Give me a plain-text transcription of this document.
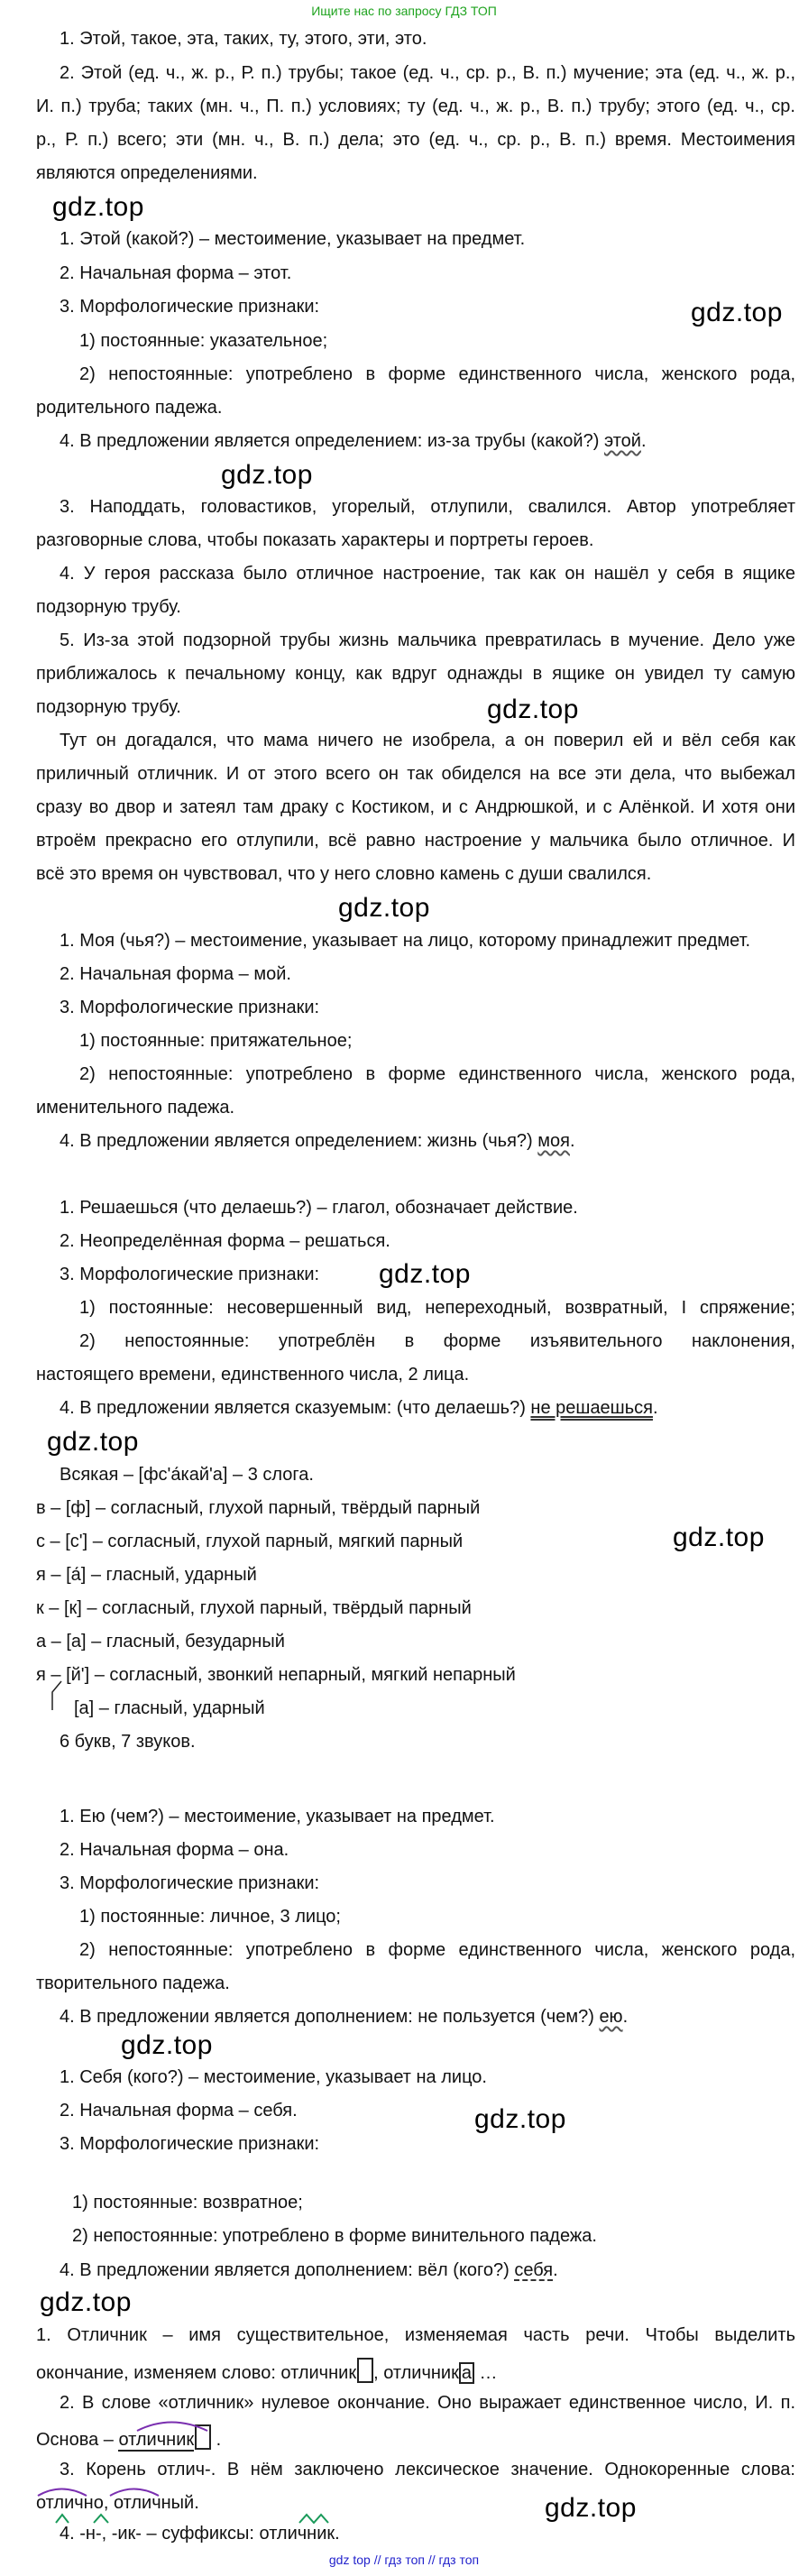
Ищите нас по запросу ГДЗ ТОП
1. Этой, такое, эта, таких, ту, этого, эти, это.
2. Этой (ед. ч., ж. р., Р. п.) трубы; такое (ед. ч., ср. р., В. п.) мучение; эта (ед. ч., ж. р.,
И. п.) труба; таких (мн. ч., П. п.) условиях; ту (ед. ч., ж. р., В. п.) трубу; этого (ед. ч., ср.
р., Р. п.) всего; эти (мн. ч., В. п.) дела; это (ед. ч., ср. р., В. п.) время. Местоимения
являются определениями.
gdz.top
1. Этой (какой?) – местоимение, указывает на предмет.
2. Начальная форма – этот.
3. Морфологические признаки:	gdz.top
1) постоянные: указательное;
2) непостоянные: употреблено в форме единственного числа, женского рода,
родительного падежа.
4. В предложении является определением: из-за трубы (какой?) этой.
gdz.top
3. Наподдать, головастиков, угорелый, отлупили, свалился. Автор употребляет
разговорные слова, чтобы показать характеры и портреты героев.
4. У героя рассказа было отличное настроение, так как он нашёл у себя в ящике
подзорную трубу.
5. Из-за этой подзорной трубы жизнь мальчика превратилась в мучение. Дело уже
приближалось к печальному концу, как вдруг однажды в ящике он увидел ту самую
подзорную трубу.	gdz.top
Тут он догадался, что мама ничего не изобрела, а он поверил ей и вёл себя как
приличный отличник. И от этого всего он так обиделся на все эти дела, что выбежал
сразу во двор и затеял там драку с Костиком, и с Андрюшкой, и с Алёнкой. И хотя они
втроём прекрасно его отлупили, всё равно настроение у мальчика было отличное. И
всё это время он чувствовал, что у него словно камень с души свалился.
gdz.top
1. Моя (чья?) – местоимение, указывает на лицо, которому принадлежит предмет.
2. Начальная форма – мой.
3. Морфологические признаки:
1) постоянные: притяжательное;
2) непостоянные: употреблено в форме единственного числа, женского рода,
именительного падежа.
4. В предложении является определением: жизнь (чья?) моя.
1. Решаешься (что делаешь?) – глагол, обозначает действие.
2. Неопределённая форма – решаться.
3. Морфологические признаки: gdz.top
1) постоянные: несовершенный вид, непереходный, возвратный, I спряжение;
2) непостоянные: употреблён в форме изъявительного наклонения,
настоящего времени, единственного числа, 2 лица.
4. В предложении является сказуемым: (что делаешь?) не решаешься.
gdz.top
Всякая – [фс'а́кай'а] – 3 слога.
в – [ф] – согласный, глухой парный, твёрдый парный
с – [с'] – согласный, глухой парный, мягкий парный	gdz.top
я – [а́] – гласный, ударный
к – [к] – согласный, глухой парный, твёрдый парный
а – [а] – гласный, безударный
я – [й'] – согласный, звонкий непарный, мягкий непарный
[а] – гласный, ударный
6 букв, 7 звуков.
1. Ею (чем?) – местоимение, указывает на предмет.
2. Начальная форма – она.
3. Морфологические признаки:
1) постоянные: личное, 3 лицо;
2) непостоянные: употреблено в форме единственного числа, женского рода,
творительного падежа.
4. В предложении является дополнением: не пользуется (чем?) ею.
gdz.top
1. Себя (кого?) – местоимение, указывает на лицо.
2. Начальная форма – себя.	gdz.top
3. Морфологические признаки:
1) постоянные: возвратное;
2) непостоянные: употреблено в форме винительного падежа.
4. В предложении является дополнением: вёл (кого?) себя.
gdz.top
1. Отличник – имя существительное, изменяемая часть речи. Чтобы выделить
окончание, изменяем слово: отличник , отличник а …
2. В слове «отличник» нулевое окончание. Оно выражает единственное число, И. п.
Основа – отличник .
3. Корень отлич-. В нём заключено лексическое значение. Однокоренные слова:
отлично, отличный.	gdz.top
4. -н-, -ик- – суффиксы: отличник.
gdz top // гдз топ // гдз топ
